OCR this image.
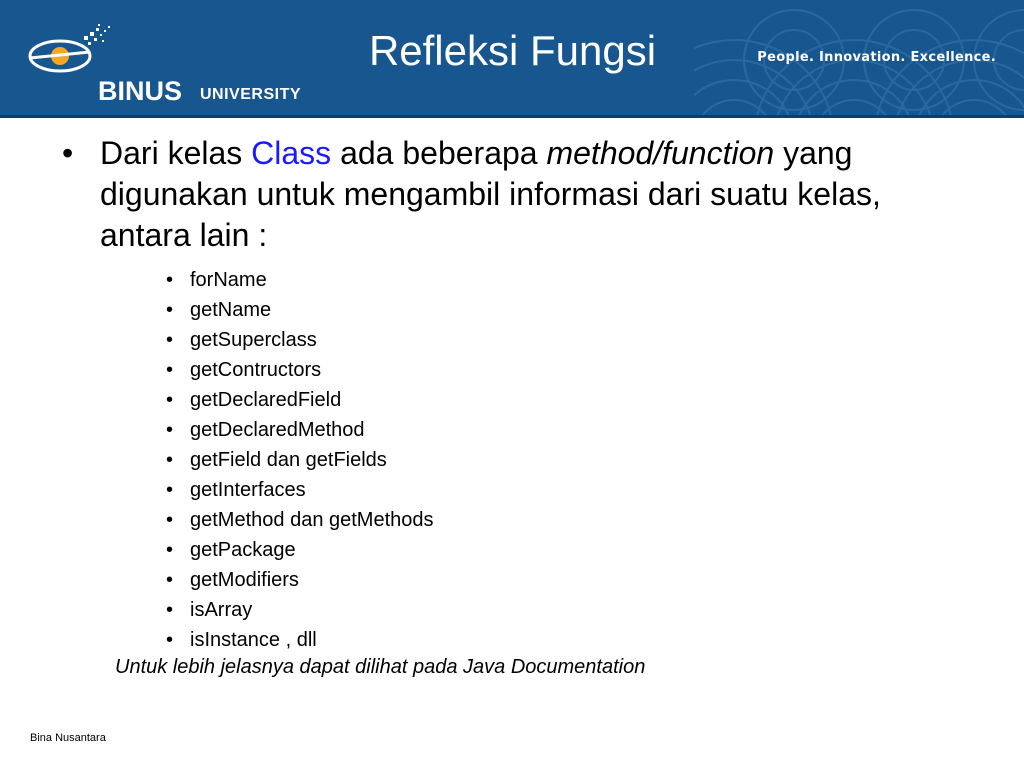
BINUS UNIVERSITY
Refleksi Fungsi	People. Innovation. Excellence.
• Dari kelas Class ada beberapa method/function yang digunakan untuk mengambil informasi dari suatu kelas, antara lain :
• forName
• getName
• getSuperclass
• getContructors
• getDeclaredField
• getDeclaredMethod
• getField dan getFields
• getInterfaces
• getMethod dan getMethods
• getPackage
• getModifiers
• isArray
• isInstance , dll
Untuk lebih jelasnya dapat dilihat pada Java Documentation
Bina Nusantara
